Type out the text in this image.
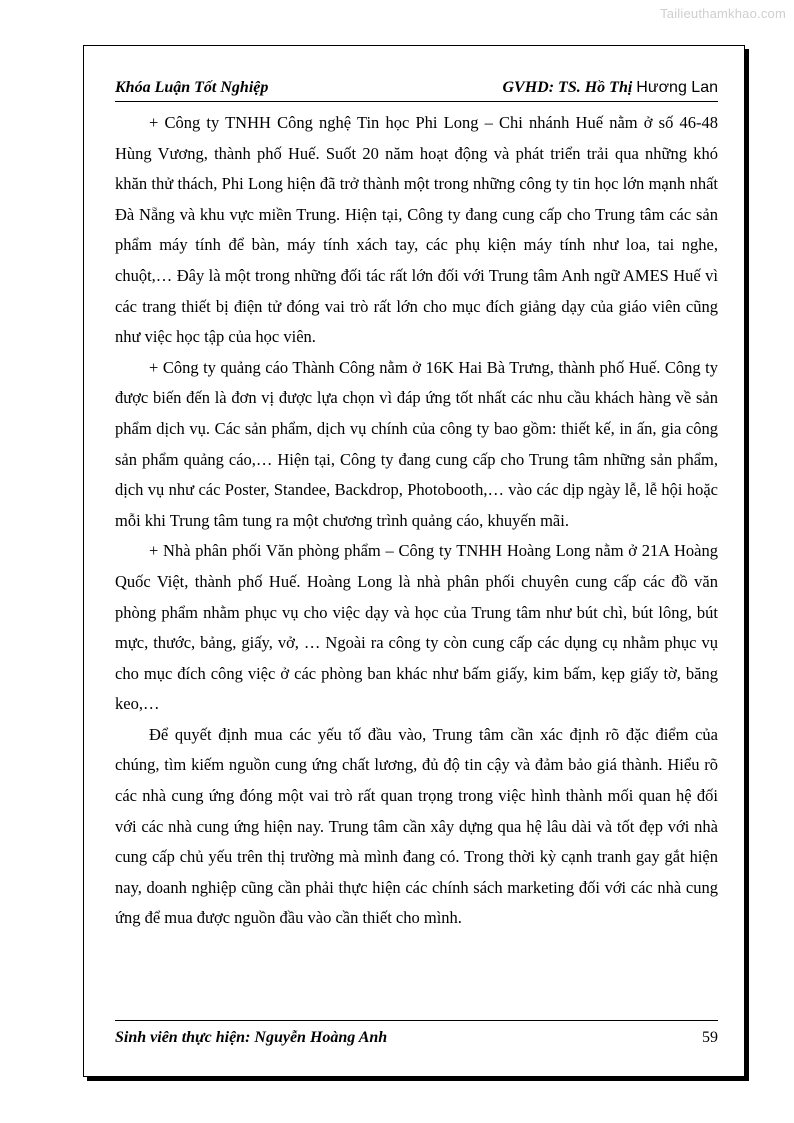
Tailieuthamkhao.com
Khóa Luận Tốt Nghiệp	GVHD: TS. Hồ Thị Hương Lan

+ Công ty TNHH Công nghệ Tin học Phi Long – Chi nhánh Huế nằm ở số 46-48 Hùng Vương, thành phố Huế. Suốt 20 năm hoạt động và phát triển trải qua những khó khăn thử thách, Phi Long hiện đã trở thành một trong những công ty tin học lớn mạnh nhất Đà Nẵng và khu vực miền Trung. Hiện tại, Công ty đang cung cấp cho Trung tâm các sản phẩm máy tính để bàn, máy tính xách tay, các phụ kiện máy tính như loa, tai nghe, chuột,… Đây là một trong những đối tác rất lớn đối với Trung tâm Anh ngữ AMES Huế vì các trang thiết bị điện tử đóng vai trò rất lớn cho mục đích giảng dạy của giáo viên cũng như việc học tập của học viên.

+ Công ty quảng cáo Thành Công nằm ở 16K Hai Bà Trưng, thành phố Huế. Công ty được biến đến là đơn vị được lựa chọn vì đáp ứng tốt nhất các nhu cầu khách hàng về sản phẩm dịch vụ. Các sản phẩm, dịch vụ chính của công ty bao gồm: thiết kế, in ấn, gia công sản phẩm quảng cáo,… Hiện tại, Công ty đang cung cấp cho Trung tâm những sản phẩm, dịch vụ như các Poster, Standee, Backdrop, Photobooth,… vào các dịp ngày lễ, lễ hội hoặc mỗi khi Trung tâm tung ra một chương trình quảng cáo, khuyến mãi.

+ Nhà phân phối Văn phòng phẩm – Công ty TNHH Hoàng Long nằm ở 21A Hoàng Quốc Việt, thành phố Huế. Hoàng Long là nhà phân phối chuyên cung cấp các đồ văn phòng phẩm nhằm phục vụ cho việc dạy và học của Trung tâm như bút chì, bút lông, bút mực, thước, bảng, giấy, vở, … Ngoài ra công ty còn cung cấp các dụng cụ nhằm phục vụ cho mục đích công việc ở các phòng ban khác như bấm giấy, kim bấm, kẹp giấy tờ, băng keo,…

Để quyết định mua các yếu tố đầu vào, Trung tâm cần xác định rõ đặc điểm của chúng, tìm kiếm nguồn cung ứng chất lương, đủ độ tin cậy và đảm bảo giá thành. Hiểu rõ các nhà cung ứng đóng một vai trò rất quan trọng trong việc hình thành mối quan hệ đối với các nhà cung ứng hiện nay. Trung tâm cần xây dựng qua hệ lâu dài và tốt đẹp với nhà cung cấp chủ yếu trên thị trường mà mình đang có. Trong thời kỳ cạnh tranh gay gắt hiện nay, doanh nghiệp cũng cần phải thực hiện các chính sách marketing đối với các nhà cung ứng để mua được nguồn đầu vào cần thiết cho mình.

Sinh viên thực hiện: Nguyễn Hoàng Anh	59
